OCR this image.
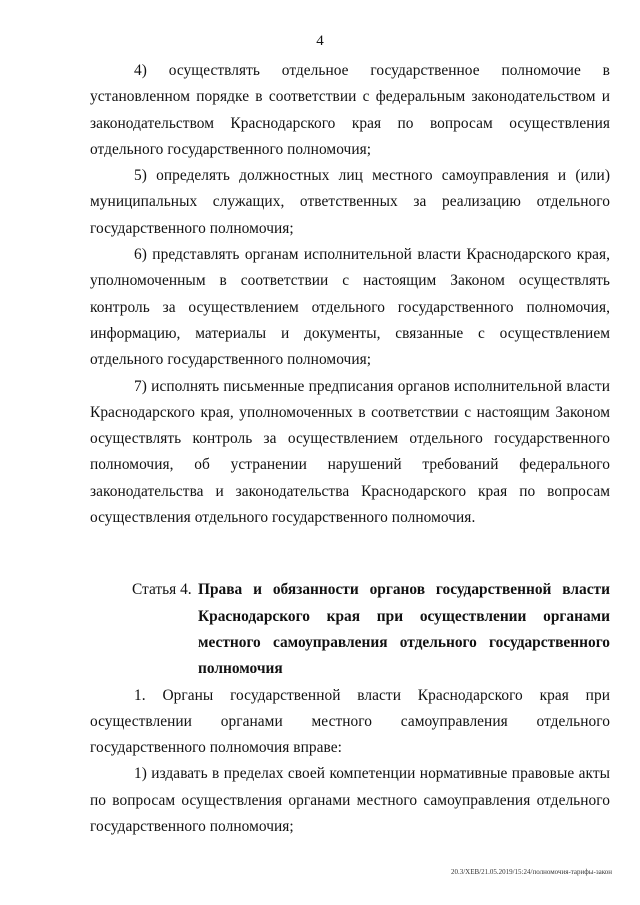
4

4) осуществлять отдельное государственное полномочие в установленном порядке в соответствии с федеральным законодательством и законодательством Краснодарского края по вопросам осуществления отдельного государственного полномочия;

5) определять должностных лиц местного самоуправления и (или) муниципальных служащих, ответственных за реализацию отдельного государственного полномочия;

6) представлять органам исполнительной власти Краснодарского края, уполномоченным в соответствии с настоящим Законом осуществлять контроль за осуществлением отдельного государственного полномочия, информацию, материалы и документы, связанные с осуществлением отдельного государственного полномочия;

7) исполнять письменные предписания органов исполнительной власти Краснодарского края, уполномоченных в соответствии с настоящим Законом осуществлять контроль за осуществлением отдельного государственного полномочия, об устранении нарушений требований федерального законодательства и законодательства Краснодарского края по вопросам осуществления отдельного государственного полномочия.

Статья 4. Права и обязанности органов государственной власти Краснодарского края при осуществлении органами местного самоуправления отдельного государственного полномочия

1. Органы государственной власти Краснодарского края при осуществлении органами местного самоуправления отдельного государственного полномочия вправе:

1) издавать в пределах своей компетенции нормативные правовые акты по вопросам осуществления органами местного самоуправления отдельного государственного полномочия;

20.3/XEB/21.05.2019/15:24/полномочия-тарифы-закон
